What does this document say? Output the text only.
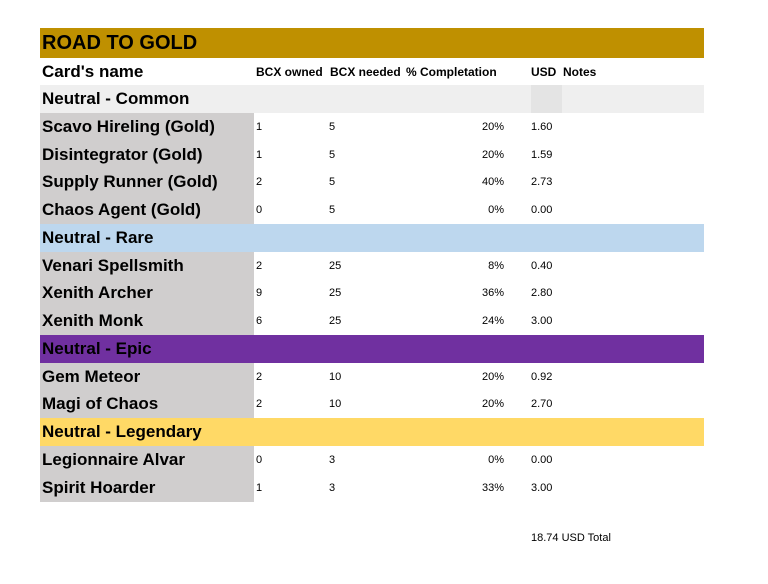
ROAD TO GOLD
Card's name	BCX owned BCX needed % Completation	USD Notes
Neutral - Common
Scavo Hireling (Gold)	1	5	20% 1.60
Disintegrator (Gold)	1	5	20% 1.59
Supply Runner (Gold)	2	5	40% 2.73
Chaos Agent (Gold)	0	5	0% 0.00
Neutral - Rare
Venari Spellsmith	2	25	8% 0.40
Xenith Archer	9	25	36% 2.80
Xenith Monk	6	25	24% 3.00
Neutral - Epic
Gem Meteor	2	10	20% 0.92
Magi of Chaos	2	10	20% 2.70
Neutral - Legendary
Legionnaire Alvar	0	3	0% 0.00
Spirit Hoarder	1	3	33% 3.00
18.74 USD Total
